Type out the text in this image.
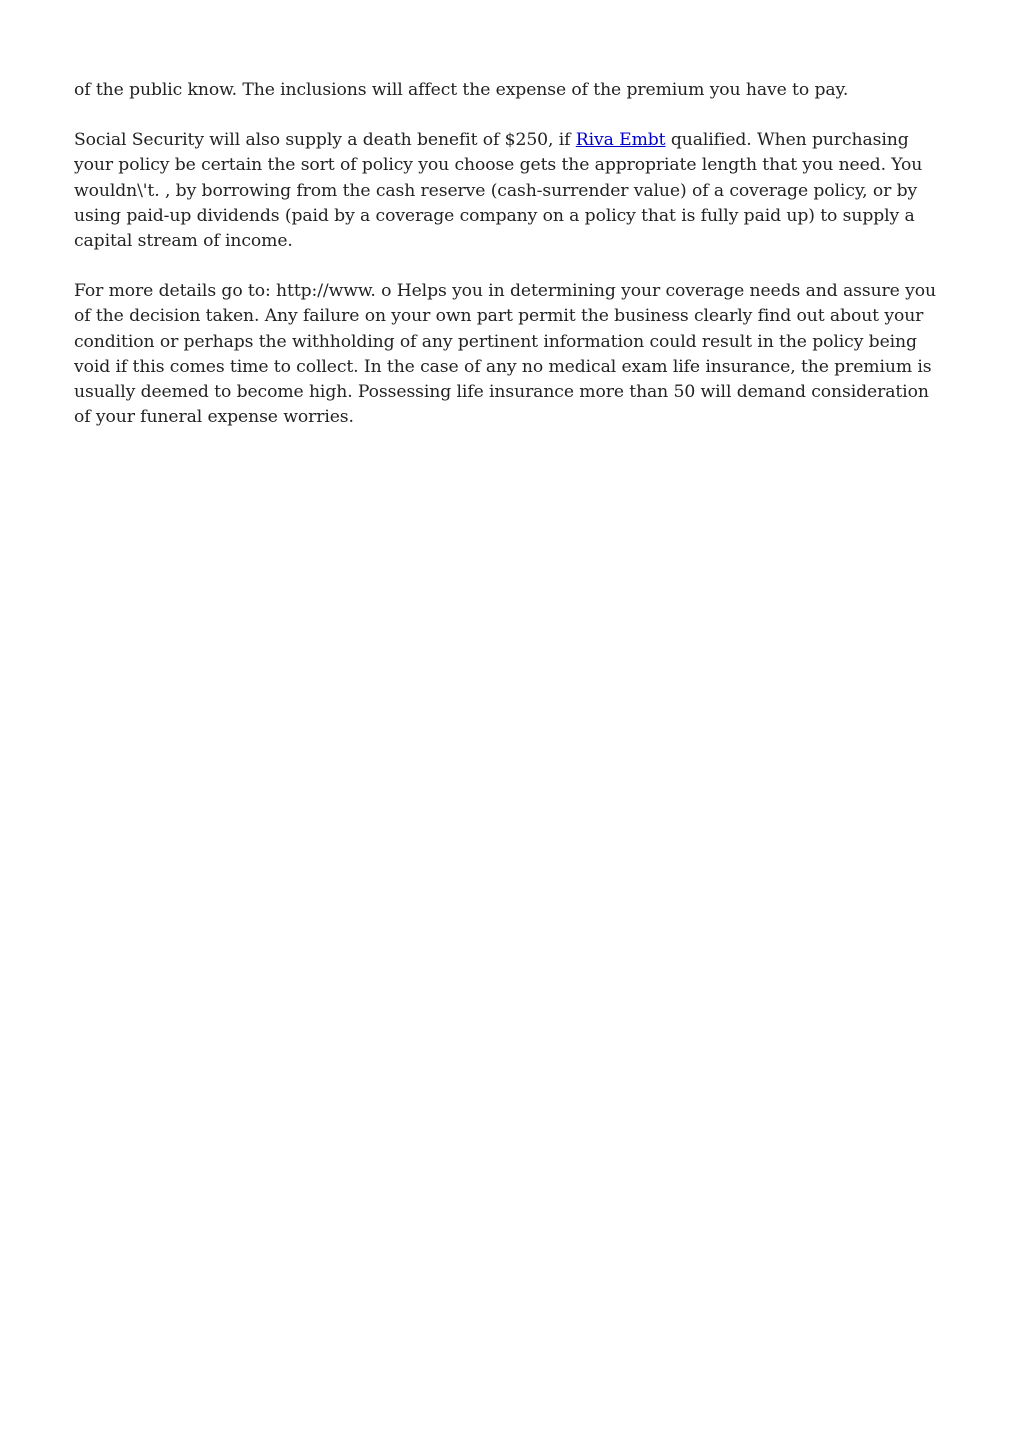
of the public know. The inclusions will affect the expense of the premium you have to pay.

Social Security will also supply a death benefit of $250, if Riva Embt qualified. When purchasing
your policy be certain the sort of policy you choose gets the appropriate length that you need. You
wouldn\'t. , by borrowing from the cash reserve (cash-surrender value) of a coverage policy, or by
using paid-up dividends (paid by a coverage company on a policy that is fully paid up) to supply a
capital stream of income.

For more details go to: http://www. o Helps you in determining your coverage needs and assure you
of the decision taken. Any failure on your own part permit the business clearly find out about your
condition or perhaps the withholding of any pertinent information could result in the policy being
void if this comes time to collect. In the case of any no medical exam life insurance, the premium is
usually deemed to become high. Possessing life insurance more than 50 will demand consideration
of your funeral expense worries.
